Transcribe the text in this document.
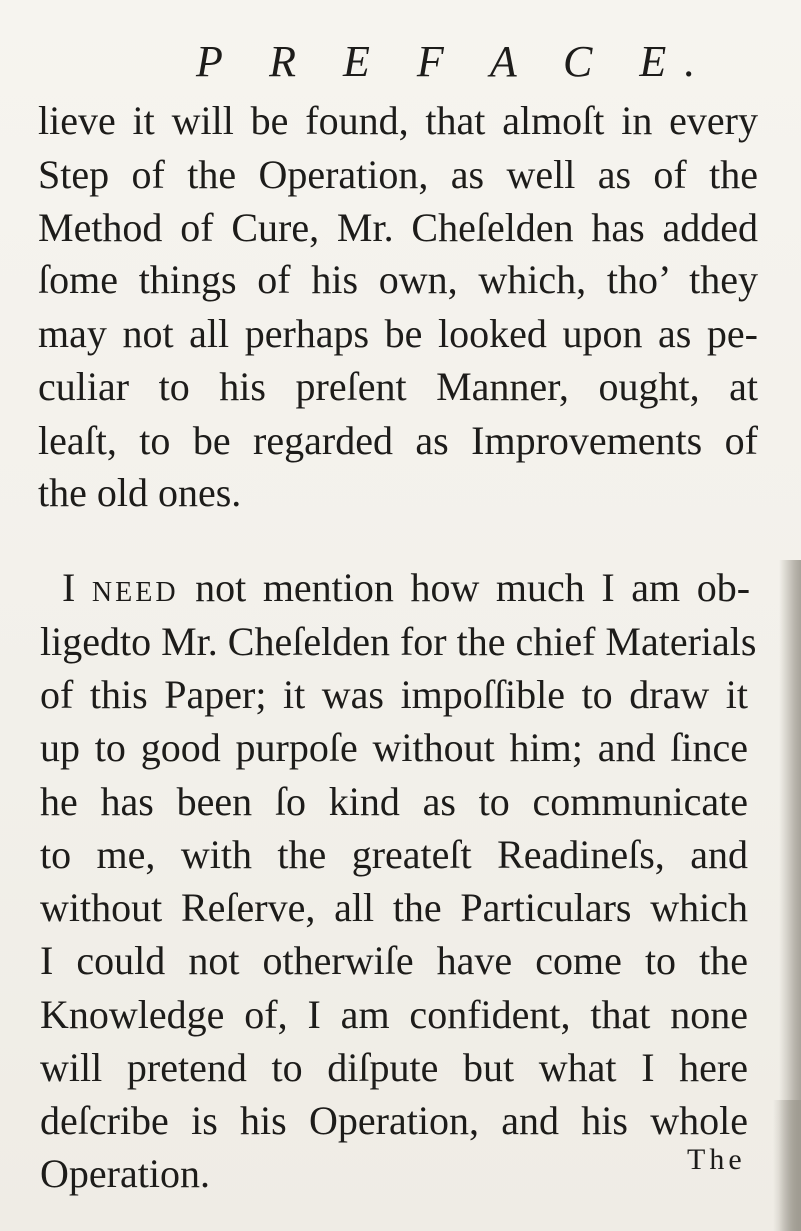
P R E F A C E.
lieve it will be found, that almoſt in every
Step of the Operation, as well as of the
Method of Cure, Mr. Cheſelden has added
ſome things of his own, which, tho’ they
may not all perhaps be looked upon as pe-
culiar to his preſent Manner, ought, at
leaſt, to be regarded as Improvements of
the old ones.
I need not mention how much I am ob-
ligedto Mr. Cheſelden for the chief Materials
of this Paper; it was impoſſible to draw it
up to good purpoſe without him; and ſince
he has been ſo kind as to communicate
to me, with the greateſt Readineſs, and
without Reſerve, all the Particulars which
I could not otherwiſe have come to the
Knowledge of, I am confident, that none
will pretend to diſpute but what I here
deſcribe is his Operation, and his whole
Operation.	The
